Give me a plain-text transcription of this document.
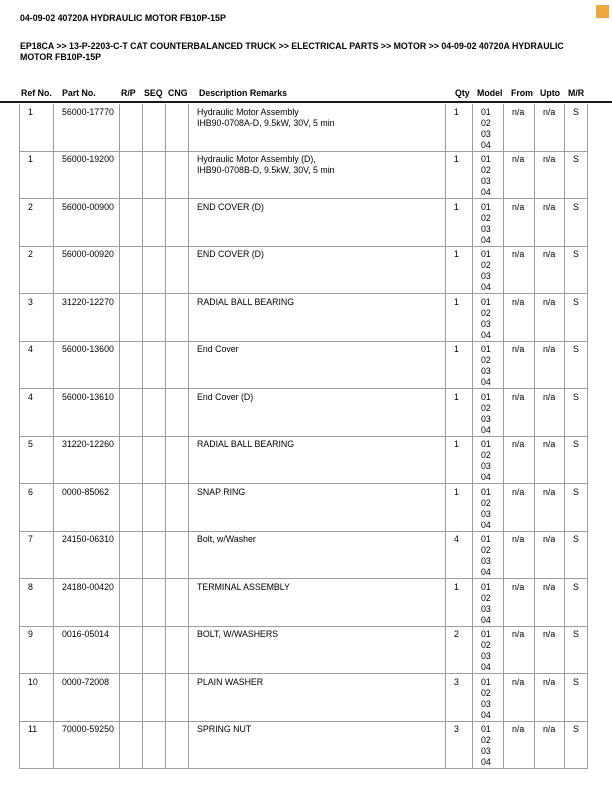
04-09-02 40720A HYDRAULIC MOTOR FB10P-15P
EP18CA >> 13-P-2203-C-T CAT COUNTERBALANCED TRUCK >> ELECTRICAL PARTS >> MOTOR >> 04-09-02 40720A HYDRAULIC MOTOR FB10P-15P
Ref No. Part No.	R/P SEQ CNG Description Remarks	Qty Model From Upto M/R
1	56000-17770				Hydraulic Motor Assembly
IHB90-0708A-D, 9.5kW, 30V, 5 min
	1	01
02
03
04
	n/a	n/a	S
1	56000-19200				Hydraulic Motor Assembly (D),
IHB90-0708B-D, 9.5kW, 30V, 5 min
	1	01
02
03
04
	n/a	n/a	S
2	56000-00900				END COVER (D)	1	01
02
03
04	n/a	n/a	S
2	56000-00920				END COVER (D)	1	01
02
03
04	n/a	n/a	S
3	31220-12270				RADIAL BALL BEARING	1	01
02
03
04	n/a	n/a	S
4	56000-13600				End Cover	1	01
02
03
04	n/a	n/a	S
4	56000-13610				End Cover (D)	1	01
02
03
04	n/a	n/a	S
5	31220-12260				RADIAL BALL BEARING	1	01
02
03
04	n/a	n/a	S
6	0000-85062				SNAP RING	1	01
02
03
04	n/a	n/a	S
7	24150-06310				Bolt, w/Washer	4	01
02
03
04	n/a	n/a	S
8	24180-00420				TERMINAL ASSEMBLY	1	01
02
03
04	n/a	n/a	S
9	0016-05014				BOLT, W/WASHERS	2	01
02
03
04	n/a	n/a	S
10	0000-72008				PLAIN WASHER	3	01
02
03
04	n/a	n/a	S
11	70000-59250				SPRING NUT	3	01
02
03
04	n/a	n/a	S
